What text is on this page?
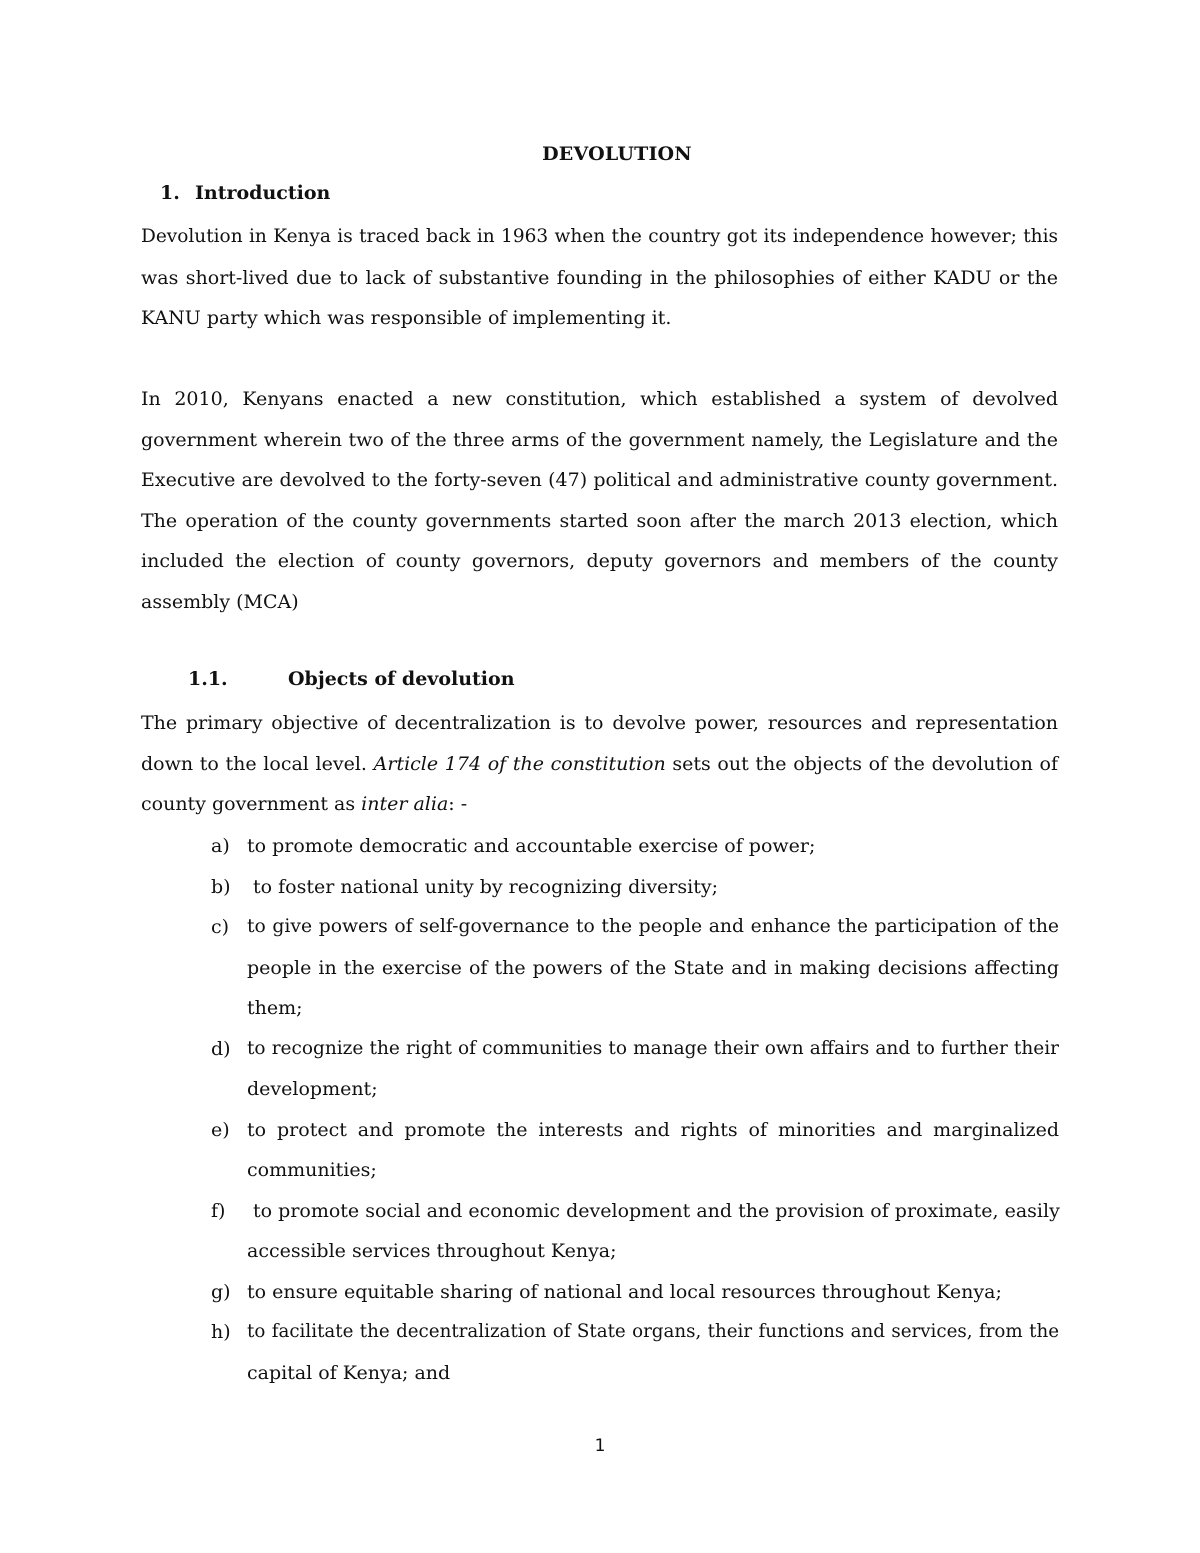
DEVOLUTION
1. Introduction
Devolution in Kenya is traced back in 1963 when the country got its independence however; this
was short-lived due to lack of substantive founding in the philosophies of either KADU or the
KANU party which was responsible of implementing it.
In 2010, Kenyans enacted a new constitution, which established a system of devolved
government wherein two of the three arms of the government namely, the Legislature and the
Executive are devolved to the forty-seven (47) political and administrative county government.
The operation of the county governments started soon after the march 2013 election, which
included the election of county governors, deputy governors and members of the county
assembly (MCA)
1.1.	Objects of devolution
The primary objective of decentralization is to devolve power, resources and representation
down to the local level. Article 174 of the constitution sets out the objects of the devolution of
county government as inter alia: -
a) to promote democratic and accountable exercise of power;
b) to foster national unity by recognizing diversity;
c) to give powers of self-governance to the people and enhance the participation of the
people in the exercise of the powers of the State and in making decisions affecting
them;
d) to recognize the right of communities to manage their own affairs and to further their
development;
e) to protect and promote the interests and rights of minorities and marginalized
communities;
f) to promote social and economic development and the provision of proximate, easily
accessible services throughout Kenya;
g) to ensure equitable sharing of national and local resources throughout Kenya;
h) to facilitate the decentralization of State organs, their functions and services, from the
capital of Kenya; and
1
